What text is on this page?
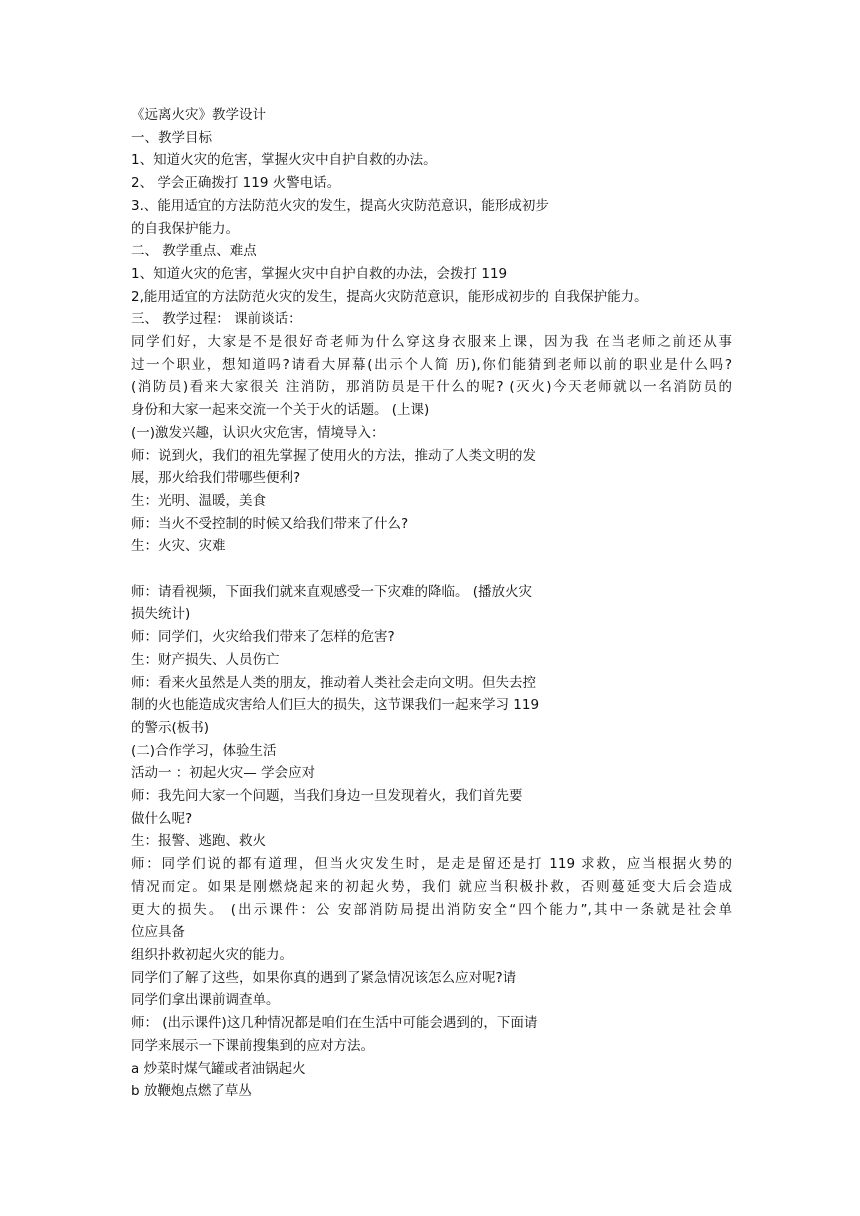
《远离火灾》教学设计
一、教学目标
1、知道火灾的危害，掌握火灾中自护自救的办法。
2、 学会正确拨打 119 火警电话。
3.、能用适宜的方法防范火灾的发生，提高火灾防范意识，能形成初步
的自我保护能力。
二、 教学重点、难点
1、知道火灾的危害，掌握火灾中自护自救的办法，会拨打 119
2,能用适宜的方法防范火灾的发生，提高火灾防范意识，能形成初步的 自我保护能力。
三、 教学过程： 课前谈话：
同学们好，大家是不是很好奇老师为什么穿这身衣服来上课，因为我 在当老师之前还从事
过一个职业，想知道吗?请看大屏幕(出示个人简 历),你们能猜到老师以前的职业是什么吗?
(消防员)看来大家很关 注消防，那消防员是干什么的呢? (灭火)今天老师就以一名消防员的
身份和大家一起来交流一个关于火的话题。 (上课)
(一)激发兴趣，认识火灾危害，情境导入：
师：说到火，我们的祖先掌握了使用火的方法，推动了人类文明的发
展，那火给我们带哪些便利?
生：光明、温暖，美食
师：当火不受控制的时候又给我们带来了什么?
生：火灾、灾难
师：请看视频，下面我们就来直观感受一下灾难的降临。 (播放火灾
损失统计)
师：同学们，火灾给我们带来了怎样的危害?
生：财产损失、人员伤亡
师：看来火虽然是人类的朋友，推动着人类社会走向文明。但失去控
制的火也能造成灾害给人们巨大的损失，这节课我们一起来学习 119
的警示(板书)
(二)合作学习，体验生活
活动一 ：初起火灾— 学会应对
师：我先问大家一个问题，当我们身边一旦发现着火，我们首先要
做什么呢?
生：报警、逃跑、救火
师：同学们说的都有道理，但当火灾发生时，是走是留还是打 119 求救，应当根据火势的
情况而定。如果是刚燃烧起来的初起火势，我们 就应当积极扑救，否则蔓延变大后会造成
更大的损失。 (出示课件：公 安部消防局提出消防安全“四个能力”,其中一条就是社会单
位应具备
组织扑救初起火灾的能力。
同学们了解了这些，如果你真的遇到了紧急情况该怎么应对呢?请
同学们拿出课前调查单。
师： (出示课件)这几种情况都是咱们在生活中可能会遇到的，下面请
同学来展示一下课前搜集到的应对方法。
a 炒菜时煤气罐或者油锅起火
b 放鞭炮点燃了草丛
